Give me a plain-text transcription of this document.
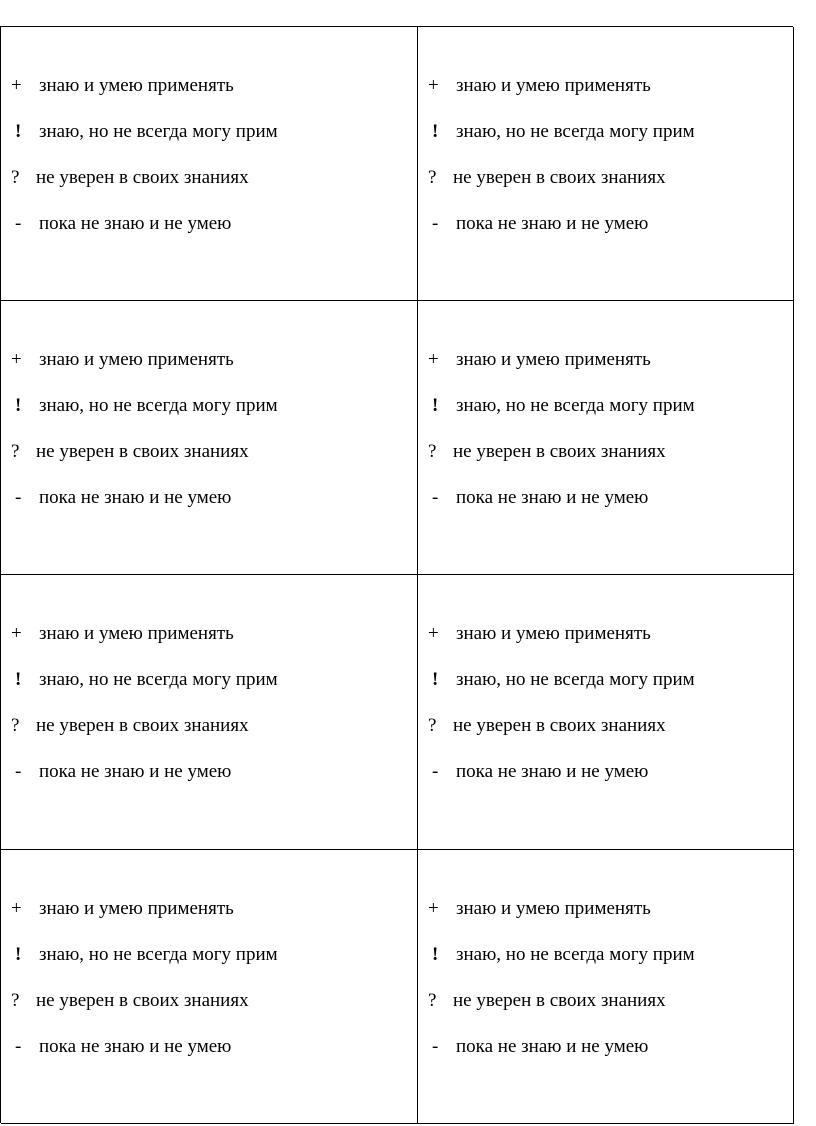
+ знаю и умею применять
! знаю, но не всегда могу прим
? не уверен в своих знаниях
- пока не знаю и не умею
+ знаю и умею применять
! знаю, но не всегда могу прим
? не уверен в своих знаниях
- пока не знаю и не умею
+ знаю и умею применять
! знаю, но не всегда могу прим
? не уверен в своих знаниях
- пока не знаю и не умею
+ знаю и умею применять
! знаю, но не всегда могу прим
? не уверен в своих знаниях
- пока не знаю и не умею
+ знаю и умею применять
! знаю, но не всегда могу прим
? не уверен в своих знаниях
- пока не знаю и не умею
+ знаю и умею применять
! знаю, но не всегда могу прим
? не уверен в своих знаниях
- пока не знаю и не умею
+ знаю и умею применять
! знаю, но не всегда могу прим
? не уверен в своих знаниях
- пока не знаю и не умею
+ знаю и умею применять
! знаю, но не всегда могу прим
? не уверен в своих знаниях
- пока не знаю и не умею
